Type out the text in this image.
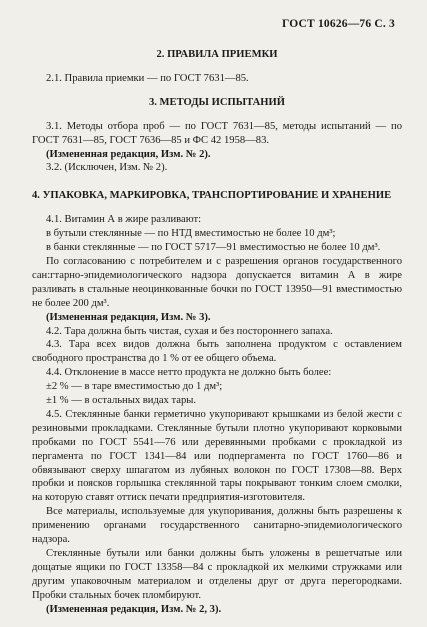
ГОСТ 10626—76 С. 3
2. ПРАВИЛА ПРИЕМКИ

2.1. Правила приемки — по ГОСТ 7631—85.

3. МЕТОДЫ ИСПЫТАНИЙ

3.1. Методы отбора проб — по ГОСТ 7631—85, методы испытаний — по ГОСТ 7631—85, ГОСТ 7636—85 и ФС 42 1958—83.

(Измененная редакция, Изм. № 2).

3.2. (Исключен, Изм. № 2).

4. УПАКОВКА, МАРКИРОВКА, ТРАНСПОРТИРОВАНИЕ И ХРАНЕНИЕ

4.1. Витамин А в жире разливают:

в бутыли стеклянные — по НТД вместимостью не более 10 дм³;

в банки стеклянные — по ГОСТ 5717—91 вместимостью не более 10 дм³.

По согласованию с потребителем и с разрешения органов государственного сан:гтарно-эпидемиологического надзора допускается витамин А в жире разливать в стальные неоцинкованные бочки по ГОСТ 13950—91 вместимостью не более 200 дм³.

(Измененная редакция, Изм. № 3).

4.2. Тара должна быть чистая, сухая и без постороннего запаха.

4.3. Тара всех видов должна быть заполнена продуктом с оставлением свободного пространства до 1 % от ее общего объема.

4.4. Отклонение в массе нетто продукта не должно быть более:

±2 % — в таре вместимостью до 1 дм³;

±1 % — в остальных видах тары.

4.5. Стеклянные банки герметично укупоривают крышками из белой жести с резиновыми прокладками. Стеклянные бутыли плотно укупоривают корковыми пробками по ГОСТ 5541—76 или деревянными пробками с прокладкой из пергамента по ГОСТ 1341—84 или подпергамента по ГОСТ 1760—86 и обвязывают сверху шпагатом из лубяных волокон по ГОСТ 17308—88. Верх пробки и поясков горлышка стеклянной тары покрывают тонким слоем смолки, на которую ставят оттиск печати предприятия-изготовителя.

Все материалы, используемые для укупоривания, должны быть разрешены к применению органами государственного санитарно-эпидемиологического надзора.

Стеклянные бутыли или банки должны быть уложены в решетчатые или дощатые ящики по ГОСТ 13358—84 с прокладкой их мелкими стружками или другим упаковочным материалом и отделены друг от друга перегородками. Пробки стальных бочек пломбируют.

(Измененная редакция, Изм. № 2, 3).
